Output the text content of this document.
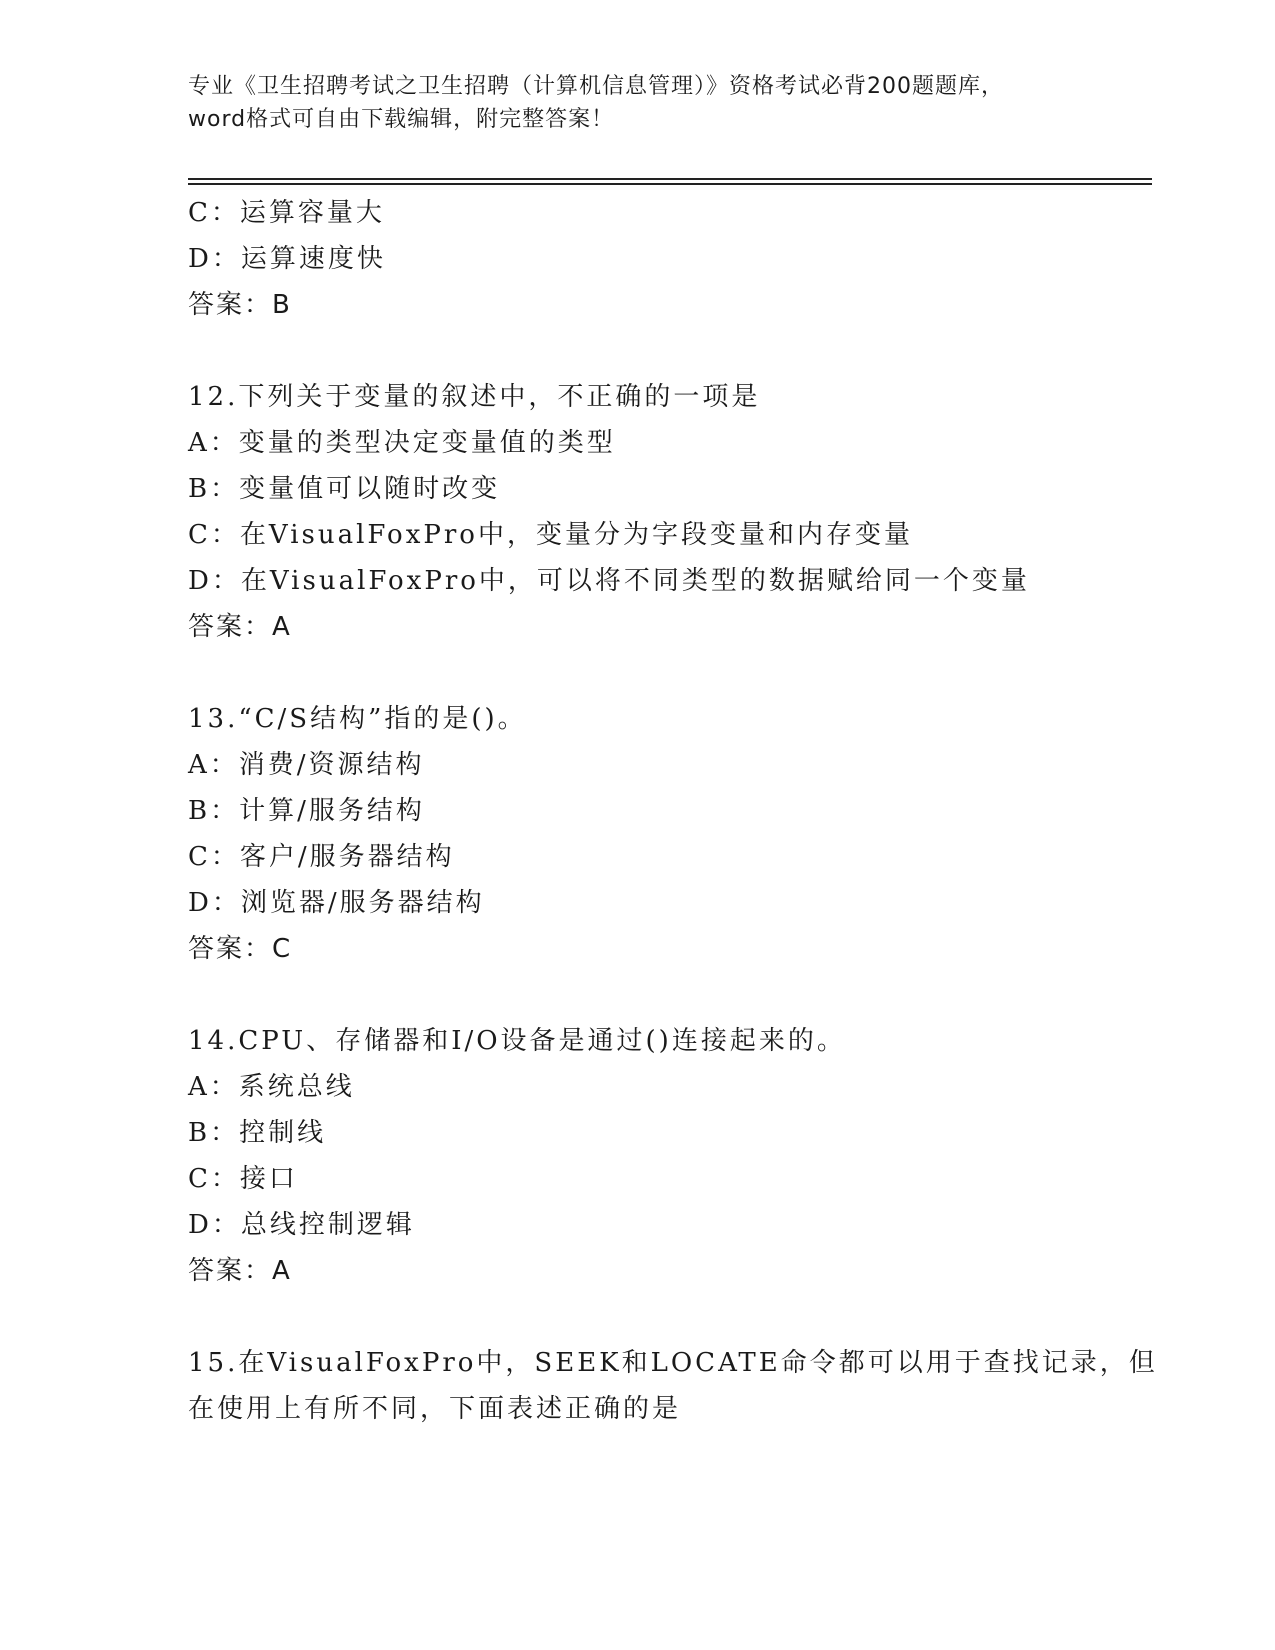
专业《卫生招聘考试之卫生招聘（计算机信息管理）》资格考试必背200题题库，
word格式可自由下载编辑，附完整答案！
C：运算容量大
D：运算速度快
答案：B
12.下列关于变量的叙述中，不正确的一项是
A：变量的类型决定变量值的类型
B：变量值可以随时改变
C：在VisualFoxPro中，变量分为字段变量和内存变量
D：在VisualFoxPro中，可以将不同类型的数据赋给同一个变量
答案：A
13.“C/S结构”指的是()。
A：消费/资源结构
B：计算/服务结构
C：客户/服务器结构
D：浏览器/服务器结构
答案：C
14.CPU、存储器和I/O设备是通过()连接起来的。
A：系统总线
B：控制线
C：接口
D：总线控制逻辑
答案：A
15.在VisualFoxPro中，SEEK和LOCATE命令都可以用于查找记录，但
在使用上有所不同，下面表述正确的是
